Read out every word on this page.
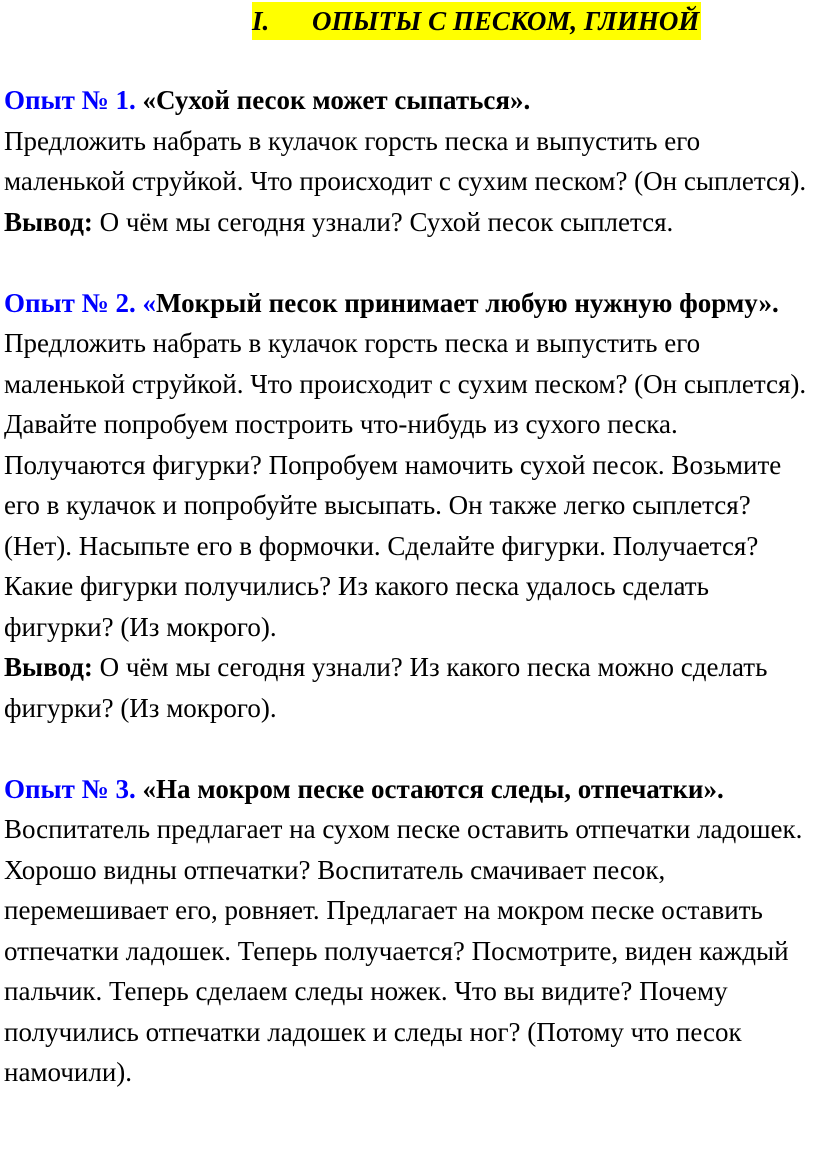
I. ОПЫТЫ С ПЕСКОМ, ГЛИНОЙ

Опыт № 1. «Сухой песок может сыпаться».

Предложить набрать в кулачок горсть песка и выпустить его маленькой струйкой. Что происходит с сухим песком? (Он сыплется).

Вывод: О чём мы сегодня узнали? Сухой песок сыплется.

Опыт № 2. «Мокрый песок принимает любую нужную форму».

Предложить набрать в кулачок горсть песка и выпустить его маленькой струйкой. Что происходит с сухим песком? (Он сыплется). Давайте попробуем построить что-нибудь из сухого песка. Получаются фигурки? Попробуем намочить сухой песок. Возьмите его в кулачок и попробуйте высыпать. Он также легко сыплется? (Нет). Насыпьте его в формочки. Сделайте фигурки. Получается? Какие фигурки получились? Из какого песка удалось сделать фигурки? (Из мокрого).

Вывод: О чём мы сегодня узнали? Из какого песка можно сделать фигурки? (Из мокрого).

Опыт № 3. «На мокром песке остаются следы, отпечатки».

Воспитатель предлагает на сухом песке оставить отпечатки ладошек. Хорошо видны отпечатки? Воспитатель смачивает песок, перемешивает его, ровняет. Предлагает на мокром песке оставить отпечатки ладошек. Теперь получается? Посмотрите, виден каждый пальчик. Теперь сделаем следы ножек. Что вы видите? Почему получились отпечатки ладошек и следы ног? (Потому что песок намочили).
